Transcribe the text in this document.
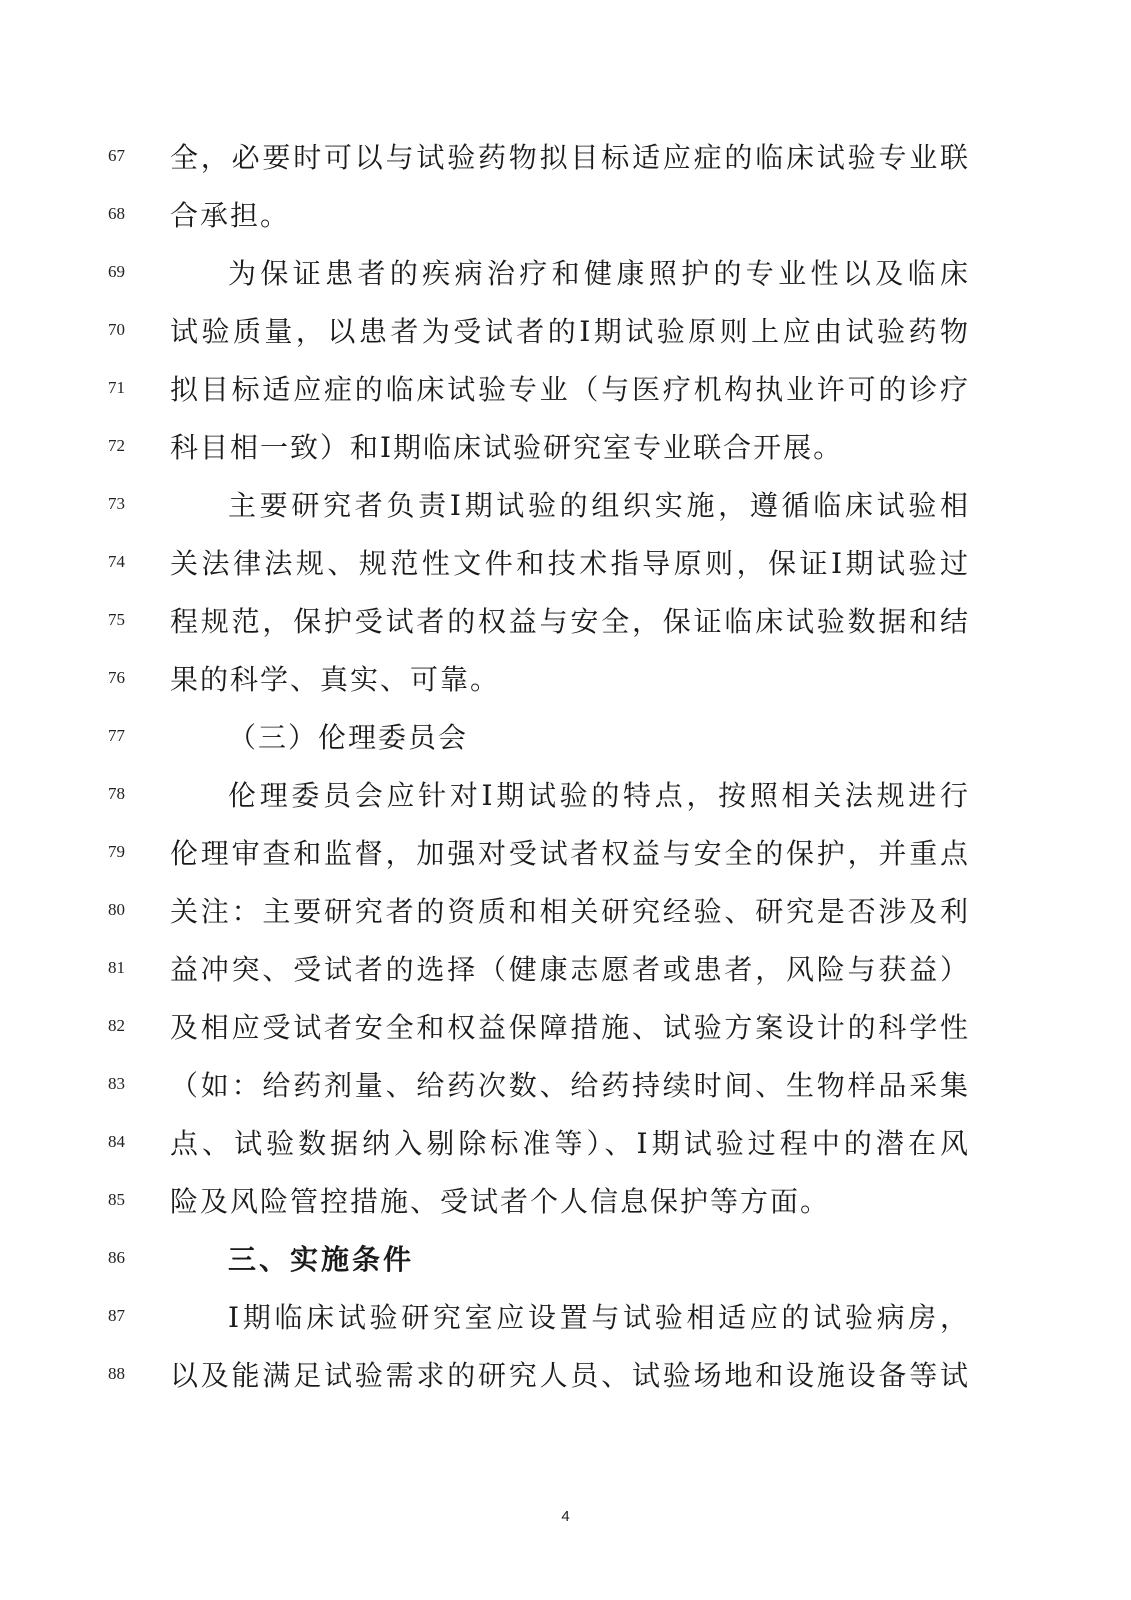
67	全，必要时可以与试验药物拟目标适应症的临床试验专业联
68	合承担。
69	为保证患者的疾病治疗和健康照护的专业性以及临床
70	试验质量，以患者为受试者的Ⅰ期试验原则上应由试验药物
71	拟目标适应症的临床试验专业（与医疗机构执业许可的诊疗
72	科目相一致）和Ⅰ期临床试验研究室专业联合开展。
73	主要研究者负责Ⅰ期试验的组织实施，遵循临床试验相
74	关法律法规、规范性文件和技术指导原则，保证Ⅰ期试验过
75	程规范，保护受试者的权益与安全，保证临床试验数据和结
76	果的科学、真实、可靠。
77	（三）伦理委员会
78	伦理委员会应针对Ⅰ期试验的特点，按照相关法规进行
79	伦理审查和监督，加强对受试者权益与安全的保护，并重点
80	关注：主要研究者的资质和相关研究经验、研究是否涉及利
81	益冲突、受试者的选择（健康志愿者或患者，风险与获益）
82	及相应受试者安全和权益保障措施、试验方案设计的科学性
83	（如：给药剂量、给药次数、给药持续时间、生物样品采集
84	点、试验数据纳入剔除标准等）、Ⅰ期试验过程中的潜在风
85	险及风险管控措施、受试者个人信息保护等方面。
86	三、实施条件
87	Ⅰ期临床试验研究室应设置与试验相适应的试验病房，
88	以及能满足试验需求的研究人员、试验场地和设施设备等试
4
